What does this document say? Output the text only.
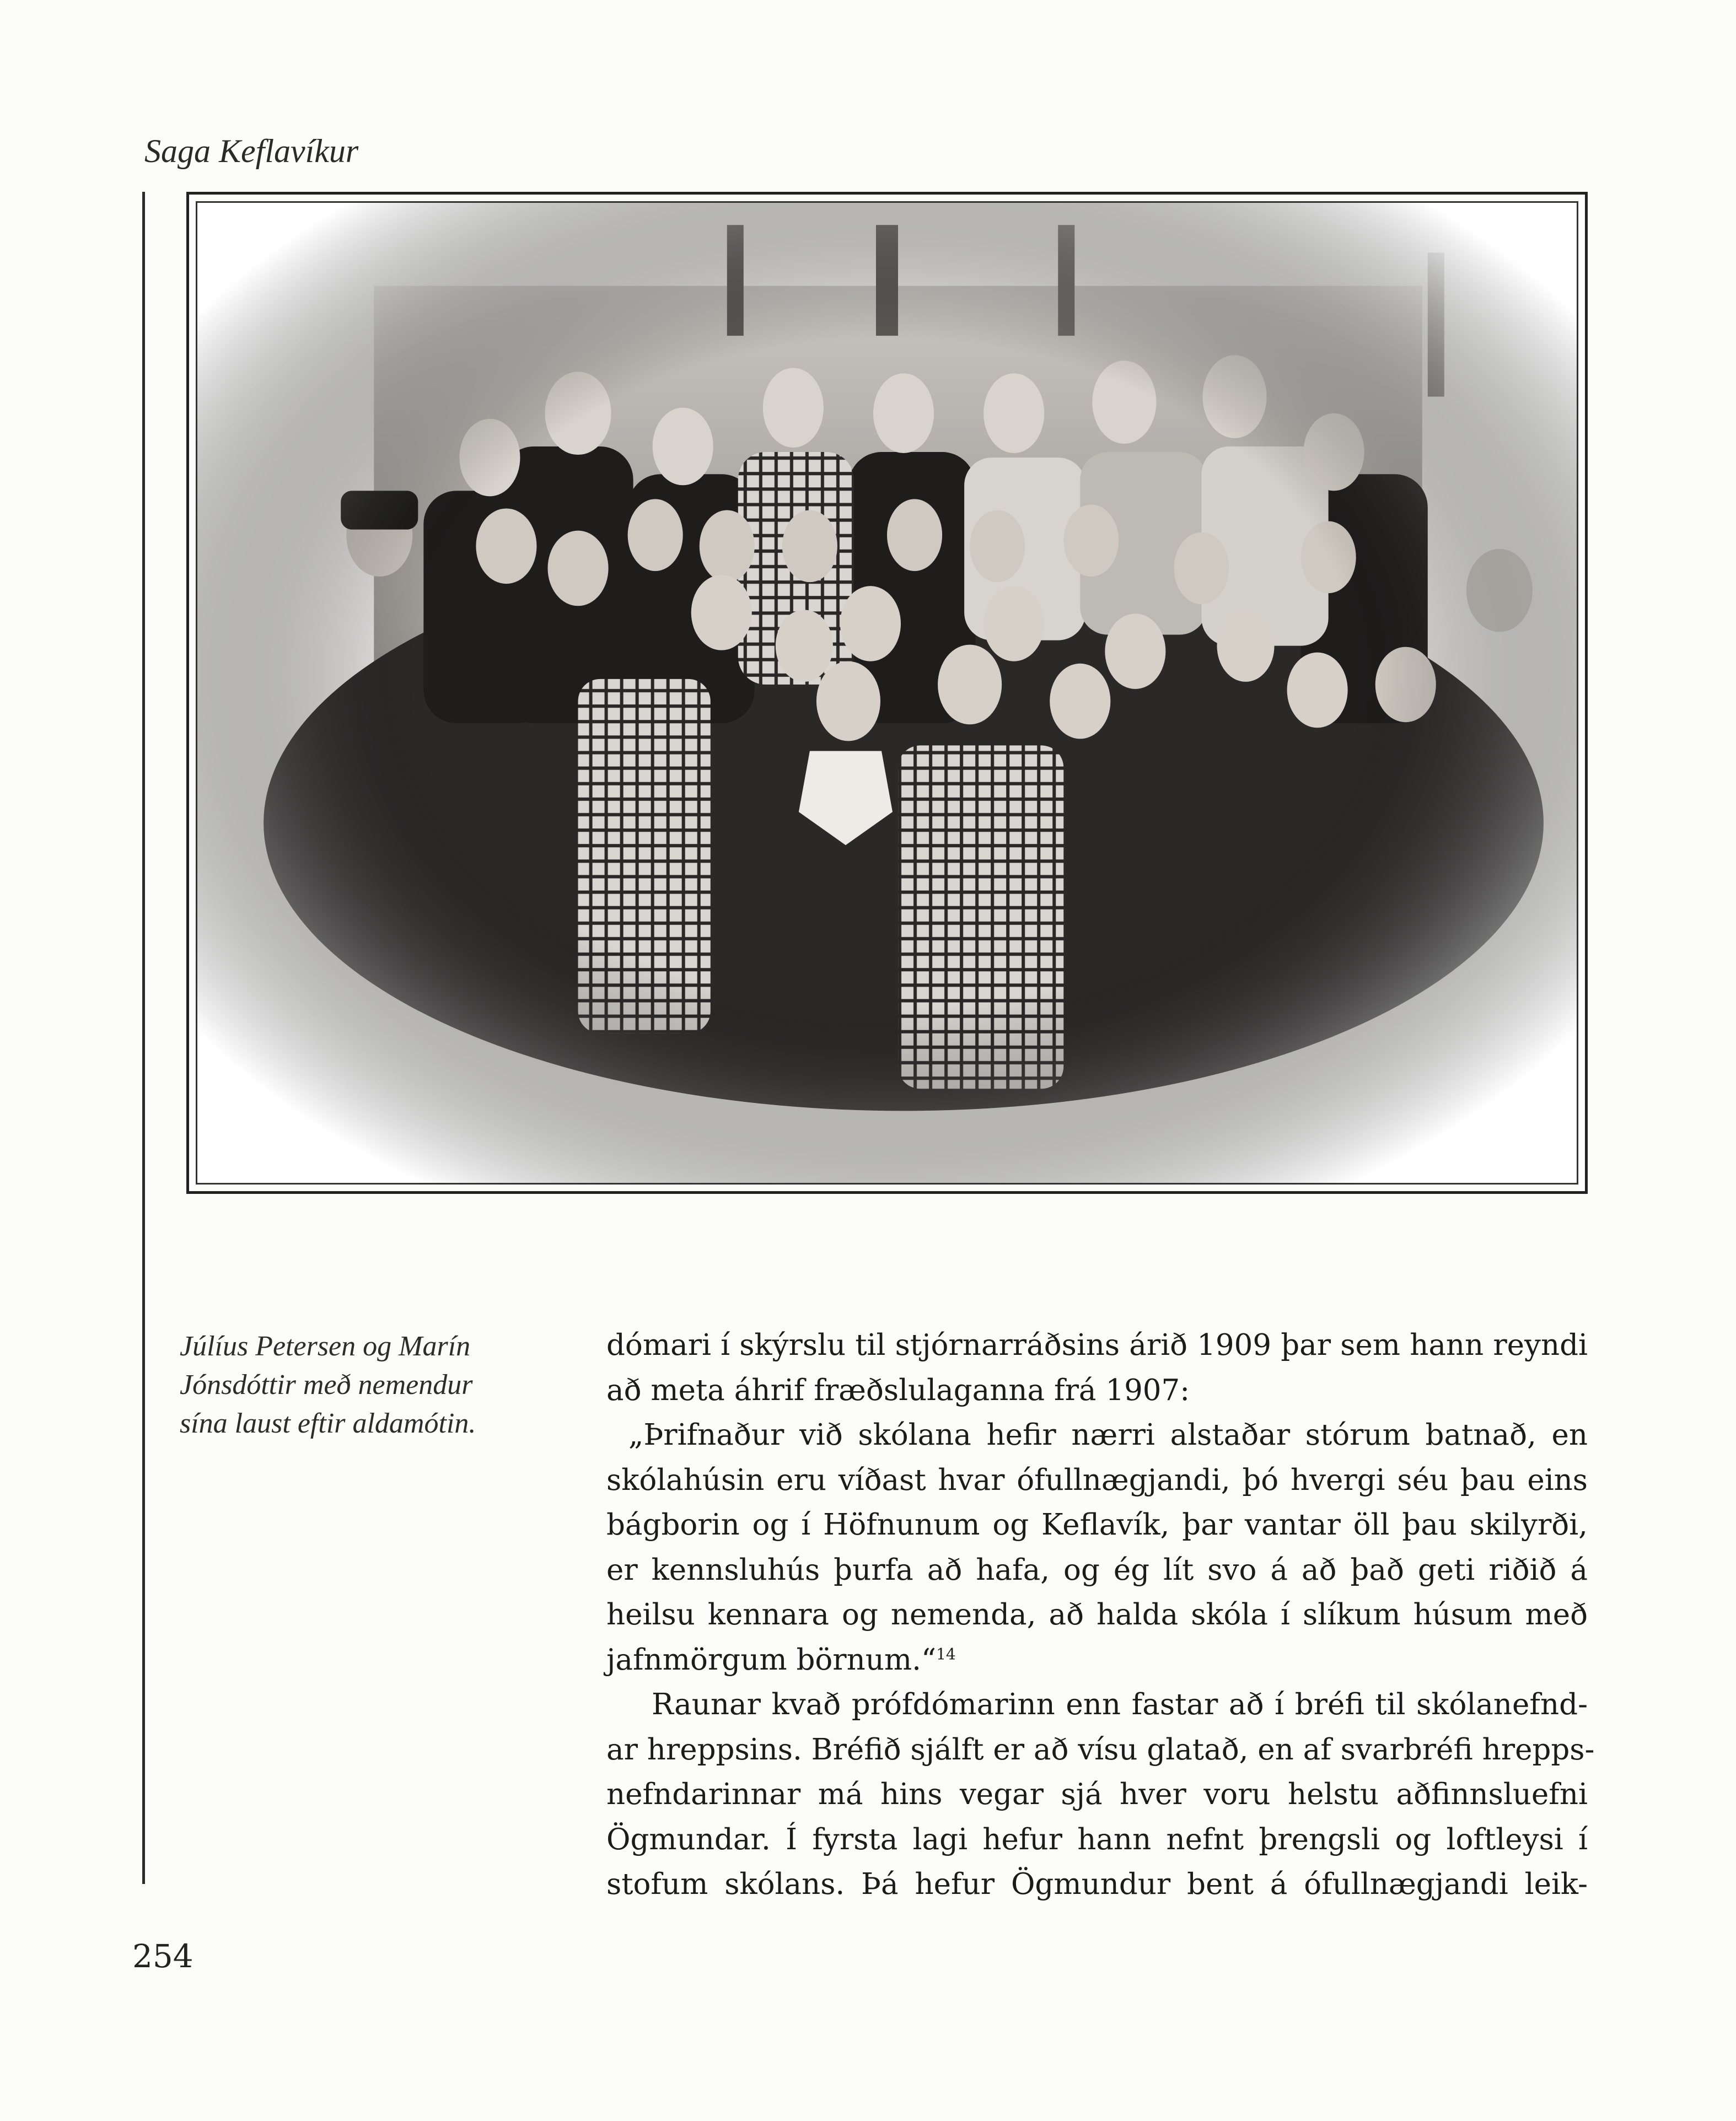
Saga Keflavíkur
Júlíus Petersen og Marín
Jónsdóttir með nemendur
sína laust eftir aldamótin.
dómari í skýrslu til stjórnarráðsins árið 1909 þar sem hann reyndi
að meta áhrif fræðslulaganna frá 1907:
„Þrifnaður við skólana hefir nærri alstaðar stórum batnað, en
skólahúsin eru víðast hvar ófullnægjandi, þó hvergi séu þau eins
bágborin og í Höfnunum og Keflavík, þar vantar öll þau skilyrði,
er kennsluhús þurfa að hafa, og ég lít svo á að það geti riðið á
heilsu kennara og nemenda, að halda skóla í slíkum húsum með
jafnmörgum börnum.“$^{14}$
Raunar kvað prófdómarinn enn fastar að í bréfi til skólanefnd-
ar hreppsins. Bréfið sjálft er að vísu glatað, en af svarbréfi hrepps-
nefndarinnar má hins vegar sjá hver voru helstu aðfinnsluefni
Ögmundar. Í fyrsta lagi hefur hann nefnt þrengsli og loftleysi í
stofum skólans. Þá hefur Ögmundur bent á ófullnægjandi leik-
254
